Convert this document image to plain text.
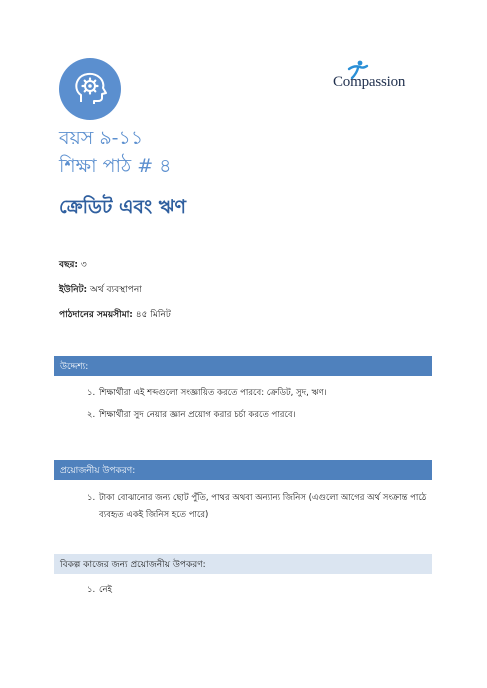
Compassion
বয়স ৯-১১
শিক্ষা পাঠ # ৪
ক্রেডিট এবং ঋণ
বছর: ৩
ইউনিট: অর্থ ব্যবস্থাপনা
পাঠদানের সময়সীমা: ৪৫ মিনিট
উদ্দেশ্য:
১. শিক্ষার্থীরা এই শব্দগুলো সংজ্ঞায়িত করতে পারবে: ক্রেডিট, সুদ, ঋণ।
২. শিক্ষার্থীরা সুদ নেয়ার জ্ঞান প্রয়োগ করার চর্চা করতে পারবে।
প্রয়োজনীয় উপকরণ:
১. টাকা বোঝানোর জন্য ছোট পুঁতি, পাথর অথবা অন্যান্য জিনিস (এগুলো আগের অর্থ সংক্রান্ত পাঠে
ব্যবহৃত একই জিনিস হতে পারে)
বিকল্প কাজের জন্য প্রয়োজনীয় উপকরণ:
১. নেই
